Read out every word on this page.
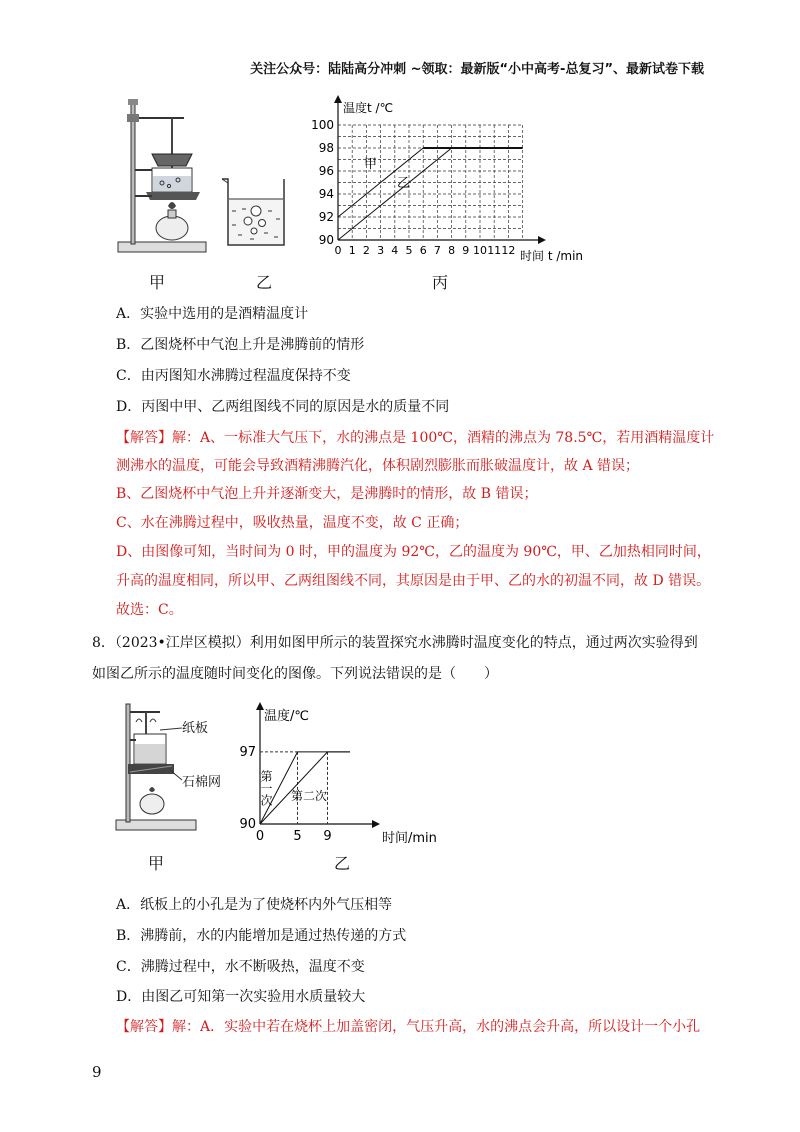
关注公众号：陆陆高分冲刺 ~领取：最新版“小中高考-总复习”、最新试卷下载
温度t /℃
时间 t /min
100
98
96
94
92
90
0 1 2 3 4 5 6 7 8 9 10 11 12
甲
乙
甲	乙	丙
A．实验中选用的是酒精温度计
B．乙图烧杯中气泡上升是沸腾前的情形
C．由丙图知水沸腾过程温度保持不变
D．丙图中甲、乙两组图线不同的原因是水的质量不同
【解答】解：A、一标准大气压下，水的沸点是 100℃，酒精的沸点为 78.5℃，若用酒精温度计
测沸水的温度，可能会导致酒精沸腾汽化，体积剧烈膨胀而胀破温度计，故 A 错误；
B、乙图烧杯中气泡上升并逐渐变大，是沸腾时的情形，故 B 错误；
C、水在沸腾过程中，吸收热量，温度不变，故 C 正确；
D、由图像可知，当时间为 0 时，甲的温度为 92℃，乙的温度为 90℃，甲、乙加热相同时间，
升高的温度相同，所以甲、乙两组图线不同，其原因是由于甲、乙的水的初温不同，故 D 错误。
故选：C。
8．（2023•江岸区模拟）利用如图甲所示的装置探究水沸腾时温度变化的特点，通过两次实验得到
如图乙所示的温度随时间变化的图像。下列说法错误的是（　　）
纸板
石棉网
温度/℃
时间/min
97
90
0 5 9
第一次 第二次
甲	乙
A．纸板上的小孔是为了使烧杯内外气压相等
B．沸腾前，水的内能增加是通过热传递的方式
C．沸腾过程中，水不断吸热，温度不变
D．由图乙可知第一次实验用水质量较大
【解答】解：A．实验中若在烧杯上加盖密闭，气压升高，水的沸点会升高，所以设计一个小孔
9
